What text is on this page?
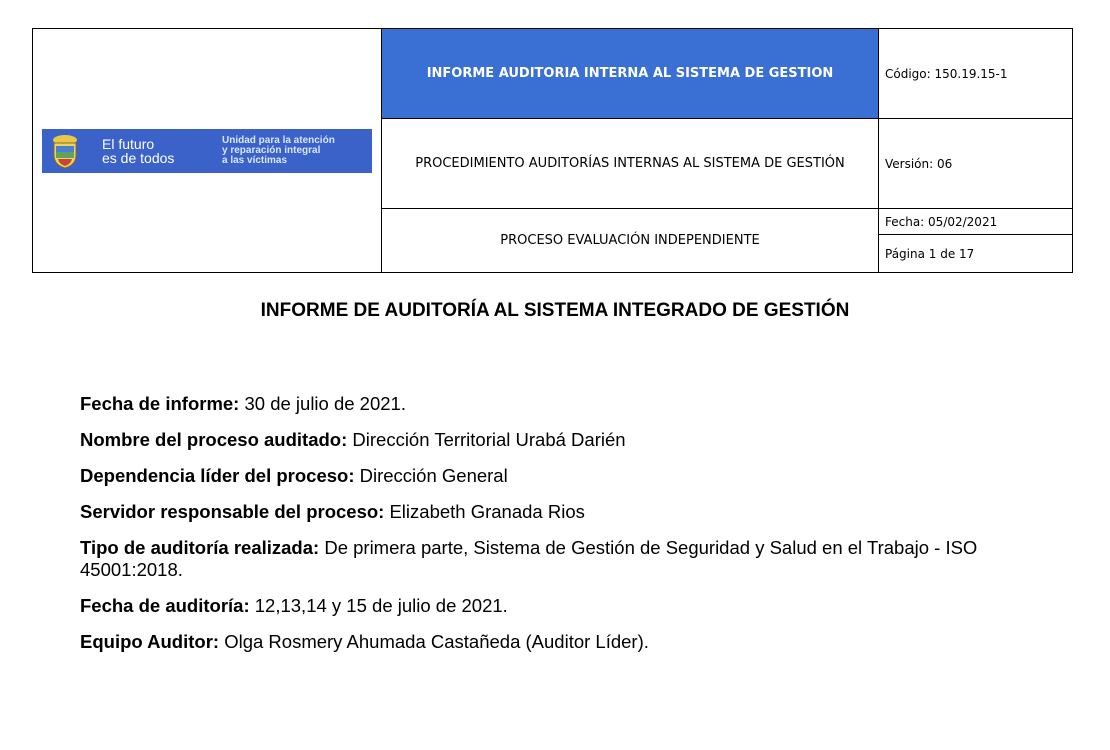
El futuro
es de todos
Unidad para la atención
y reparación integral
a las víctimas	INFORME AUDITORIA INTERNA AL SISTEMA DE GESTION	Código: 150.19.15-1
	PROCEDIMIENTO AUDITORÍAS INTERNAS AL SISTEMA DE GESTIÓN	Versión: 06
	PROCESO EVALUACIÓN INDEPENDIENTE	Fecha: 05/02/2021
		Página 1 de 17
INFORME DE AUDITORÍA AL SISTEMA INTEGRADO DE GESTIÓN

Fecha de informe: 30 de julio de 2021.

Nombre del proceso auditado: Dirección Territorial Urabá Darién

Dependencia líder del proceso: Dirección General

Servidor responsable del proceso: Elizabeth Granada Rios

Tipo de auditoría realizada: De primera parte, Sistema de Gestión de Seguridad y Salud en el Trabajo - ISO 45001:2018.

Fecha de auditoría: 12,13,14 y 15 de julio de 2021.

Equipo Auditor: Olga Rosmery Ahumada Castañeda (Auditor Líder).
